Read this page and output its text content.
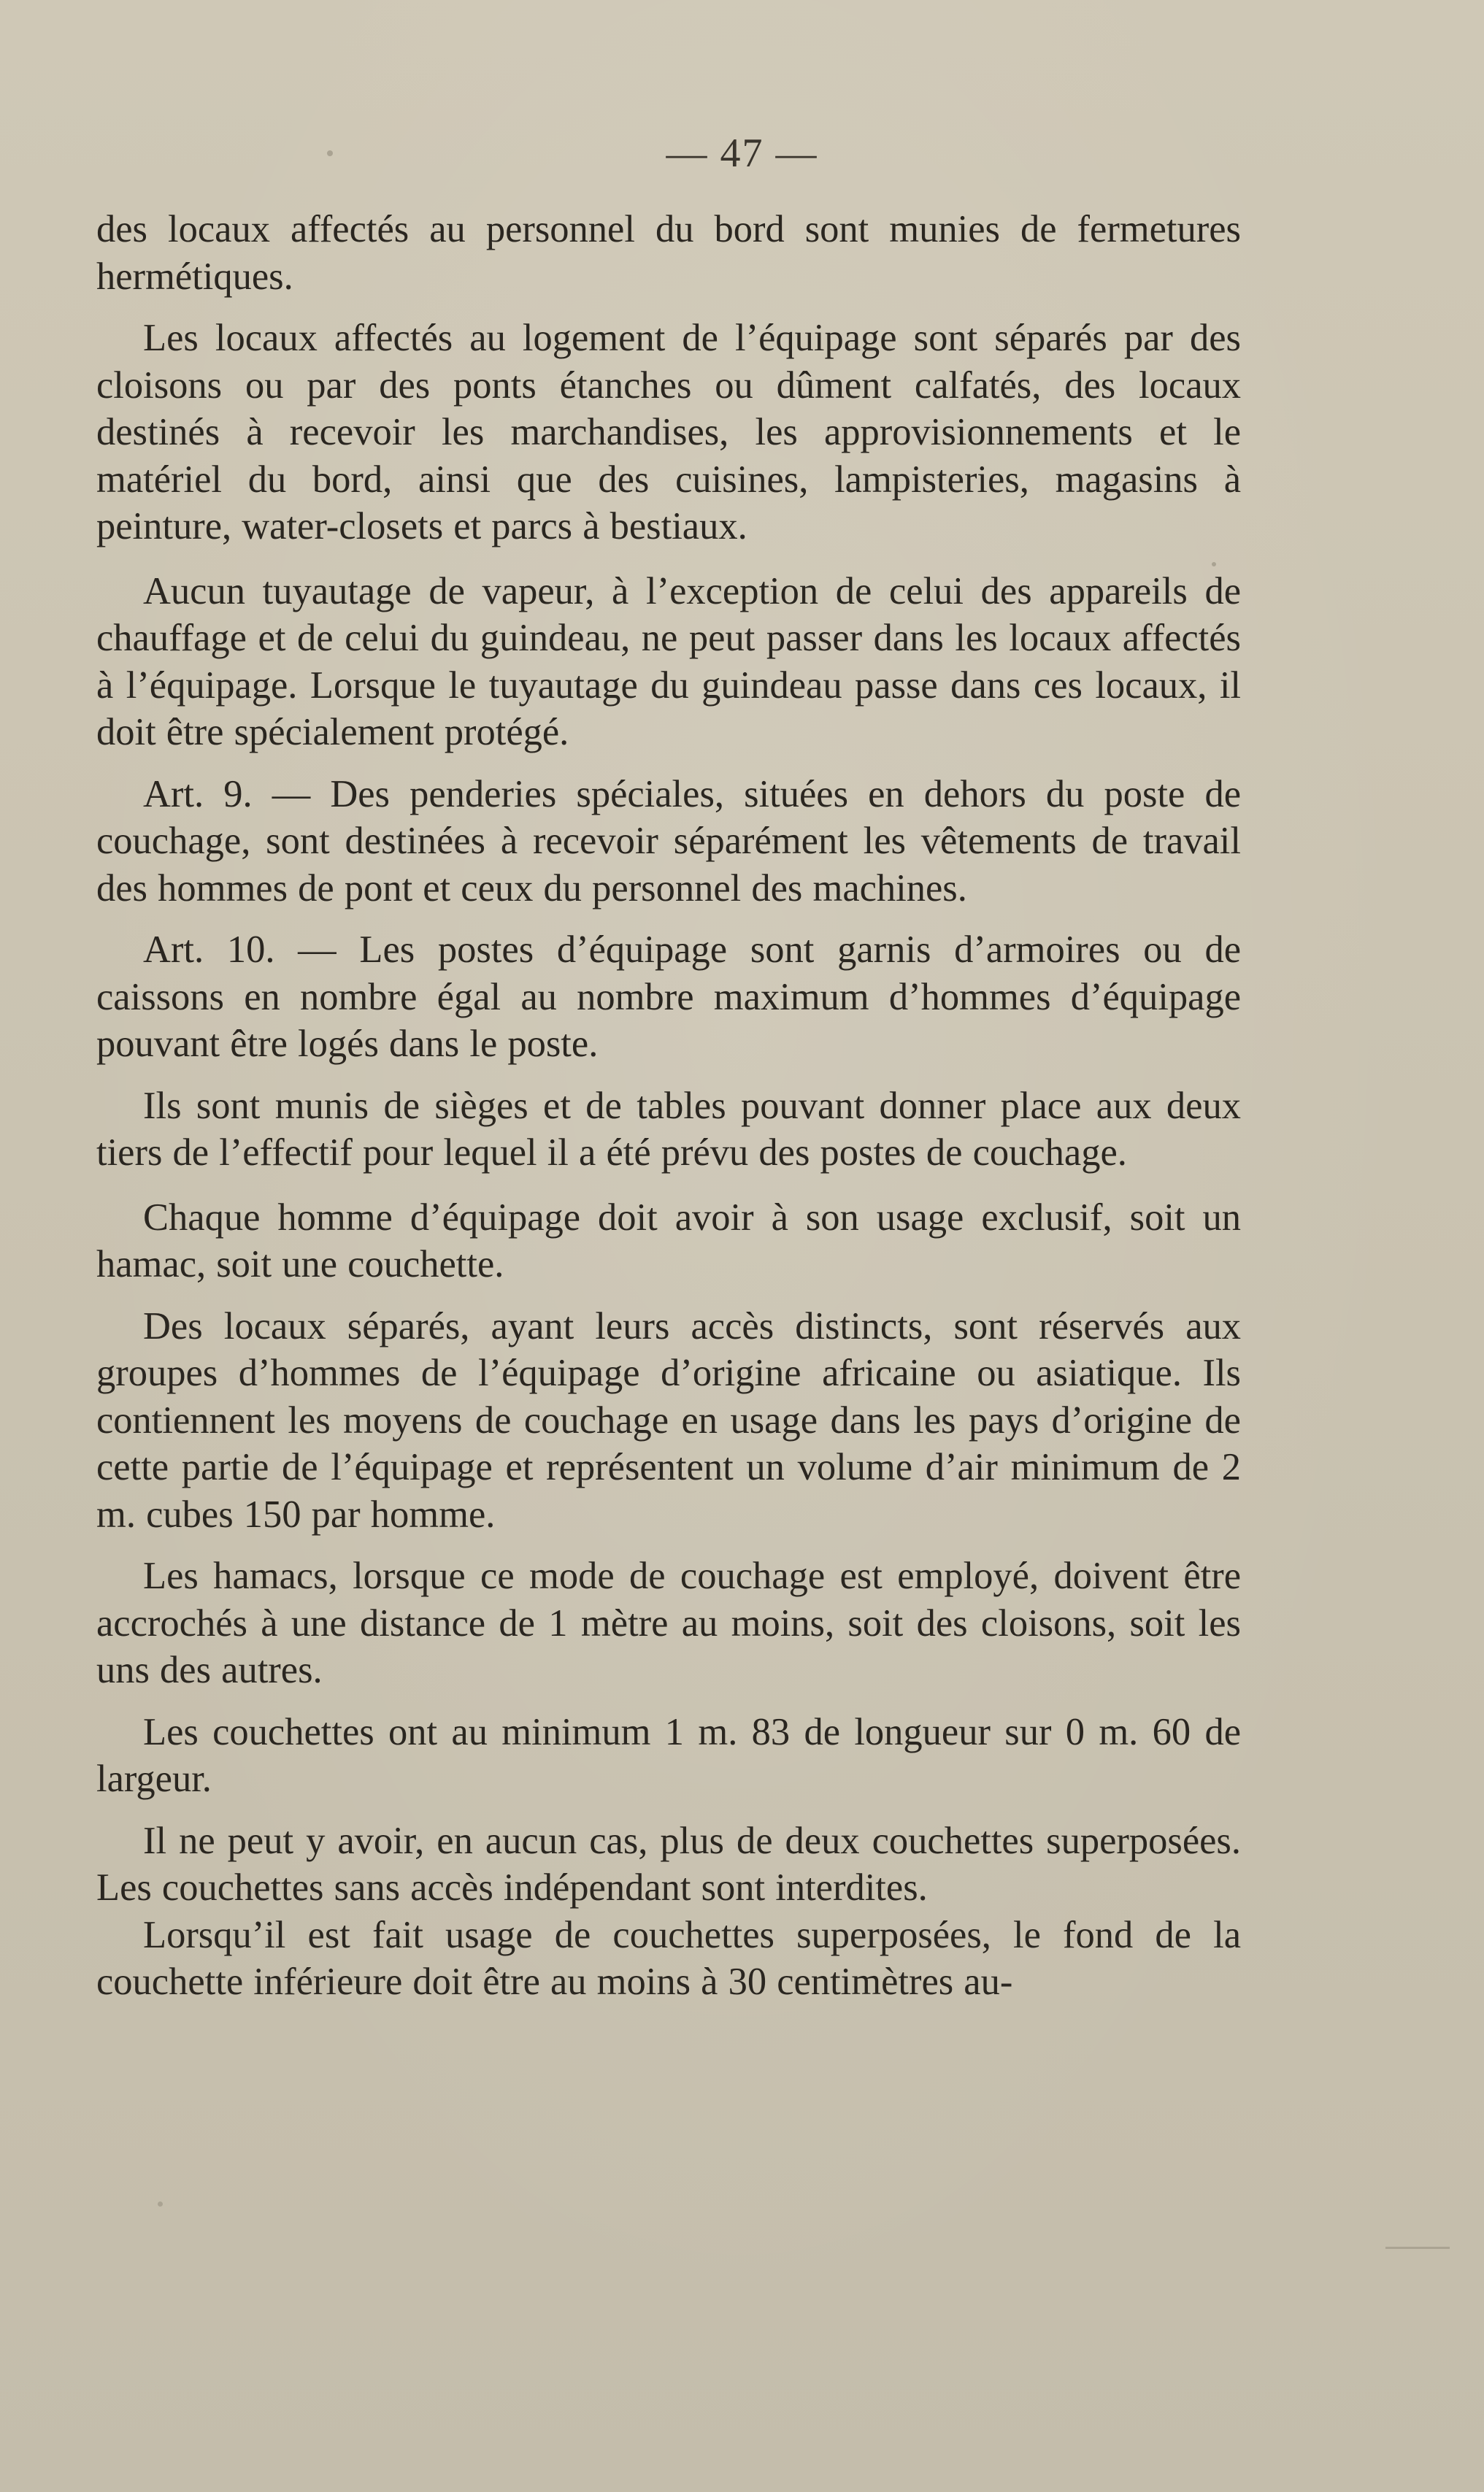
— 47 —

des locaux affectés au personnel du bord sont munies de fermetures hermétiques.

Les locaux affectés au logement de l’équipage sont séparés par des cloisons ou par des ponts étanches ou dûment calfatés, des locaux destinés à recevoir les marchandises, les approvisionnements et le matériel du bord, ainsi que des cuisines, lampisteries, magasins à peinture, water-closets et parcs à bestiaux.

Aucun tuyautage de vapeur, à l’exception de celui des appareils de chauffage et de celui du guindeau, ne peut passer dans les locaux affectés à l’équipage. Lorsque le tuyautage du guindeau passe dans ces locaux, il doit être spécialement protégé.

Art. 9. — Des penderies spéciales, situées en dehors du poste de couchage, sont destinées à recevoir séparément les vêtements de travail des hommes de pont et ceux du personnel des machines.

Art. 10. — Les postes d’équipage sont garnis d’armoires ou de caissons en nombre égal au nombre maximum d’hommes d’équipage pouvant être logés dans le poste.

Ils sont munis de sièges et de tables pouvant donner place aux deux tiers de l’effectif pour lequel il a été prévu des postes de couchage.

Chaque homme d’équipage doit avoir à son usage exclusif, soit un hamac, soit une couchette.

Des locaux séparés, ayant leurs accès distincts, sont réservés aux groupes d’hommes de l’équipage d’origine africaine ou asiatique. Ils contiennent les moyens de couchage en usage dans les pays d’origine de cette partie de l’équipage et représentent un volume d’air minimum de 2 m. cubes 150 par homme.

Les hamacs, lorsque ce mode de couchage est employé, doivent être accrochés à une distance de 1 mètre au moins, soit des cloisons, soit les uns des autres.

Les couchettes ont au minimum 1 m. 83 de longueur sur 0 m. 60 de largeur.

Il ne peut y avoir, en aucun cas, plus de deux couchettes superposées. Les couchettes sans accès indépendant sont interdites.

Lorsqu’il est fait usage de couchettes superposées, le fond de la couchette inférieure doit être au moins à 30 centimètres au-
